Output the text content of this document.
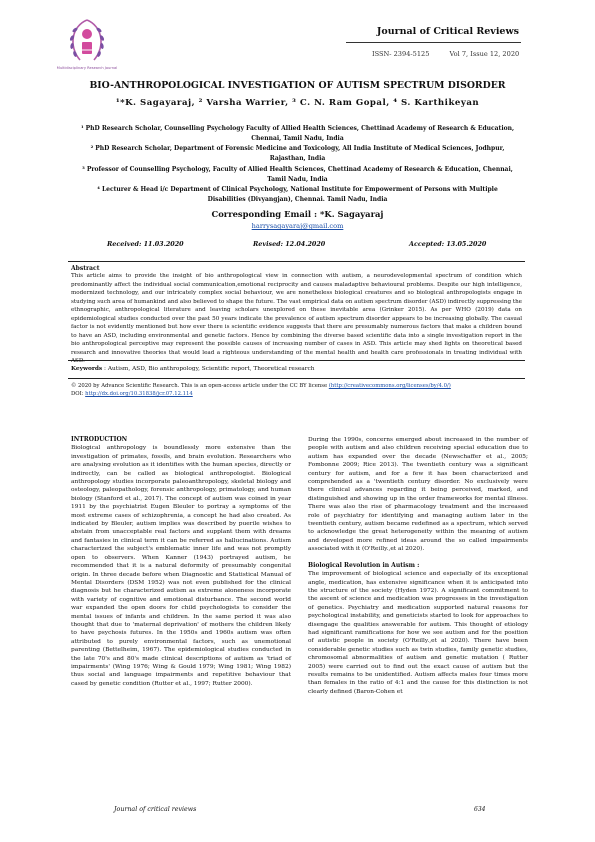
Multidisciplinary Research Journal
Journal of Critical Reviews
ISSN- 2394-5125	Vol 7, Issue 12, 2020
BIO-ANTHROPOLOGICAL INVESTIGATION OF AUTISM SPECTRUM DISORDER
¹*K. Sagayaraj, ² Varsha Warrier, ³ C. N. Ram Gopal, ⁴ S. Karthikeyan

¹ PhD Research Scholar, Counselling Psychology Faculty of Allied Health Sciences, Chettinad Academy of Research & Education, Chennai, Tamil Nadu, India

² PhD Research Scholar, Department of Forensic Medicine and Toxicology, All India Institute of Medical Sciences, Jodhpur, Rajasthan, India

³ Professor of Counselling Psychology, Faculty of Allied Health Sciences, Chettinad Academy of Research & Education, Chennai, Tamil Nadu, India

⁴ Lecturer & Head i/c Department of Clinical Psychology, National Institute for Empowerment of Persons with Multiple Disabilities (Divyangjan), Chennai. Tamil Nadu, India

Corresponding Email : *K. Sagayaraj
harrysagayaraj@gmail.com
Received: 11.03.2020	Revised: 12.04.2020	Accepted: 13.05.2020
Abstract

This article aims to provide the insight of bio anthropological view in connection with autism, a neurodevelopmental spectrum of condition which predominantly affect the individual social communication,emotional reciprocity and causes maladaptive behavioural problems. Despite our high intelligence, modernized technology, and our intricately complex social behaviour, we are nonetheless biological creatures and so biological anthropologists engage in studying such area of humankind and also believed to shape the future. The vast empirical data on autism spectrum disorder (ASD) indirectly suppressing the ethnographic, anthropological literature and leaving scholars unexplored on these inevitable area (Grinker 2015). As per WHO (2019) data on epidemiological studies conducted over the past 50 years indicate the prevalence of autism spectrum disorder appears to be increasing globally. The casual factor is not evidently mentioned but how ever there is scientific evidence suggests that there are presumably numerous factors that make a children bound to have an ASD, including environmental and genetic factors. Hence by combining the diverse based scientific data into a single investigation report in the bio anthropological perceptive may represent the possible causes of increasing number of cases in ASD. This article may shed lights on theoretical based research and innovative theories that would lead a righteous understanding of the mental health and health care professionals in treating individual with ASD.

Keywords : Autism, ASD, Bio anthropology, Scientific report, Theoretical research
© 2020 by Advance Scientific Research. This is an open-access article under the CC BY license (http://creativecommons.org/licenses/by/4.0/)
DOI: http://dx.doi.org/10.31838/jcr.07.12.114

INTRODUCTION

Biological anthropology is boundlessly more extensive than the investigation of primates, fossils, and brain evolution. Researchers who are analysing evolution as it identifies with the human species, directly or indirectly, can be called as biological anthropologist. Biological anthropology studies incorporate paleoanthropology, skeletal biology and osteology, paleopathology, forensic anthropology, primatology, and human biology (Stanford et al., 2017). The concept of autism was coined in year 1911 by the psychiatrist Eugen Bleuler to portray a symptoms of the most extreme cases of schizophrenia, a concept he had also created. As indicated by Bleuler, autism implies was described by puerile wishes to abstain from unacceptable real factors and supplant them with dreams and fantasies in clinical term it can be referred as hallucinations. Autism characterized the subject's emblematic inner life and was not promptly open to observers. When Kanner (1943) portrayed autism, he recommended that it is a natural deformity of presumably congenital origin. In three decade before when Diagnostic and Statistical Manual of Mental Disorders (DSM 1952) was not even published for the clinical diagnosis but he characterized autism as extreme aloneness incorporate with variety of cognitive and emotional disturbance. The second world war expanded the open doors for child psychologists to consider the mental issues of infants and children. In the same period it was also thought that due to 'maternal deprivation' of mothers the children likely to have psychosis futures. In the 1950s and 1960s autism was often attributed to purely environmental factors, such as unemotional parenting (Bettelheim, 1967). The epidemiological studies conducted in the late 70's and 80's made clinical descriptions of autism as 'triad of impairments' (Wing 1976; Wing & Gould 1979; Wing 1981; Wing 1982) thus social and language impairments and repetitive behaviour that cased by genetic condition (Rutter et al., 1997; Rutter 2000).

During the 1990s, concerns emerged about increased in the number of people with autism and also children receiving special education due to autism has expanded over the decade (Newschaffer et al., 2005; Fombonne 2009; Rice 2013). The twentieth century was a significant century for autism, and for a few it has been characterized and comprehended as a 'twentieth century disorder. No exclusively were there clinical advances regarding it being perceived, marked, and distinguished and showing up in the order frameworks for mental illness. There was also the rise of pharmacology treatment and the increased role of psychiatry for identifying and managing autism later in the twentieth century, autism became redefined as a spectrum, which served to acknowledge the great heterogeneity within the meaning of autism and developed more refined ideas around the so called impairments associated with it (O'Reilly.,et al 2020).

Biological Revolution in Autism :

The improvement of biological science and especially of its exceptional angle, medication, has extensive significance when it is anticipated into the structure of the society (Hyden 1972). A significant commitment to the ascent of science and medication was progresses in the investigation of genetics. Psychiatry and medication supported natural reasons for psychological instability, and geneticists started to look for approaches to disengage the qualities answerable for autism. This thought of etiology had significant ramifications for how we see autism and for the position of autistic people in society (O'Reilly.,et al 2020). There have been considerable genetic studies such as twin studies, family genetic studies, chromosomal abnormalities of autism and genetic mutation ( Rutter 2005) were carried out to find out the exact cause of autism but the results remains to be unidentified. Autism affects males four times more than females in the ratio of 4:1 and the cause for this distinction is not clearly defined (Baron-Cohen et

Journal of critical reviews	634
